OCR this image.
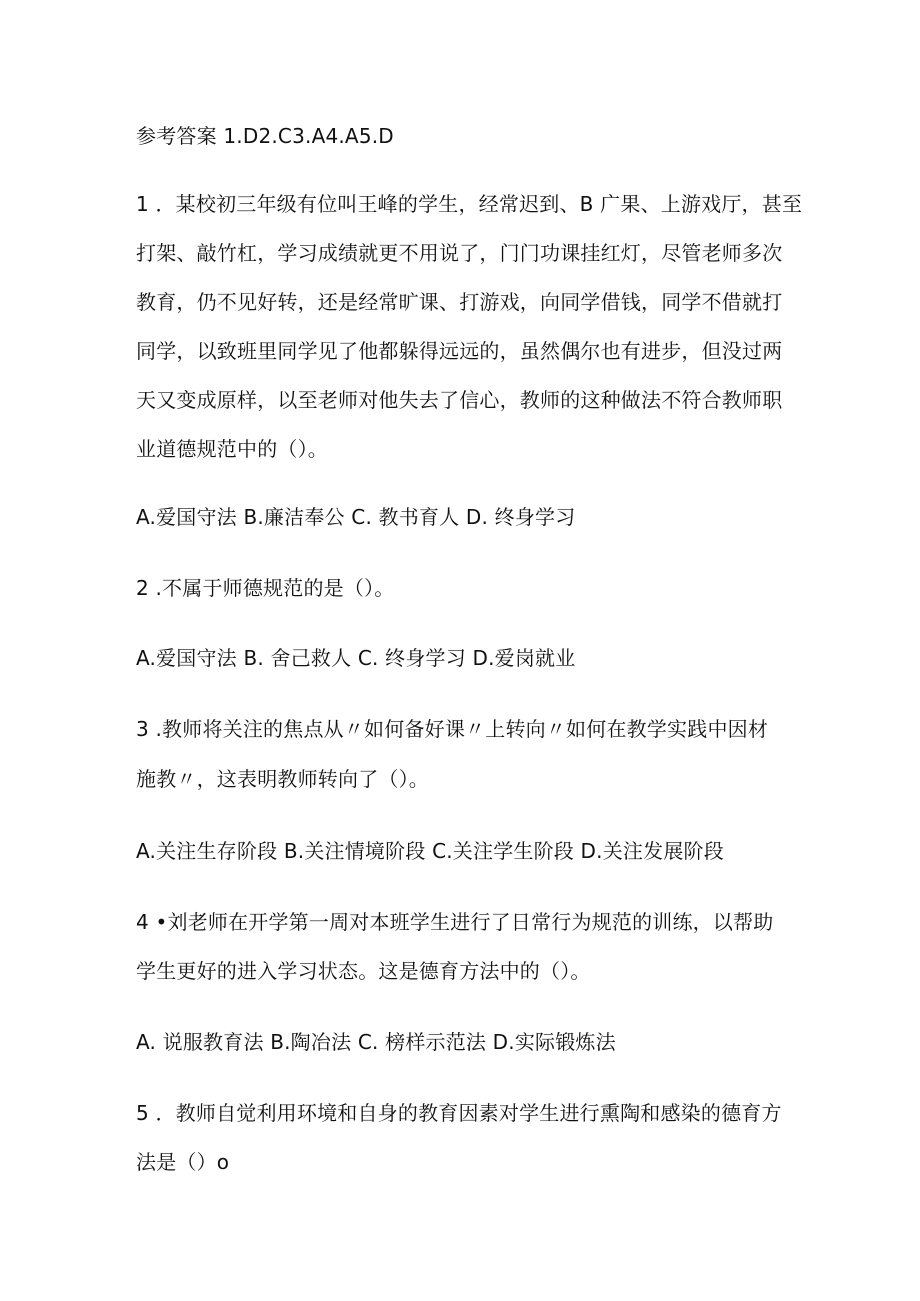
参考答案 1.D2.C3.A4.A5.D
1 ．某校初三年级有位叫王峰的学生，经常迟到、B 广果、上游戏厅，甚至
打架、敲竹杠，学习成绩就更不用说了，门门功课挂红灯，尽管老师多次
教育，仍不见好转，还是经常旷课、打游戏，向同学借钱，同学不借就打
同学，以致班里同学见了他都躲得远远的，虽然偶尔也有进步，但没过两
天又变成原样，以至老师对他失去了信心，教师的这种做法不符合教师职
业道德规范中的（）。
A.爱国守法 B.廉洁奉公 C. 教书育人 D. 终身学习
2 .不属于师德规范的是（）。
A.爱国守法 B. 舍己救人 C. 终身学习 D.爱岗就业
3 .教师将关注的焦点从〃如何备好课〃上转向〃如何在教学实践中因材
施教〃，这表明教师转向了（）。
A.关注生存阶段 B.关注情境阶段 C.关注学生阶段 D.关注发展阶段
4 •刘老师在开学第一周对本班学生进行了日常行为规范的训练，以帮助
学生更好的进入学习状态。这是德育方法中的（）。
A. 说服教育法 B.陶冶法 C. 榜样示范法 D.实际锻炼法
5 ．教师自觉利用环境和自身的教育因素对学生进行熏陶和感染的德育方
法是（）o
